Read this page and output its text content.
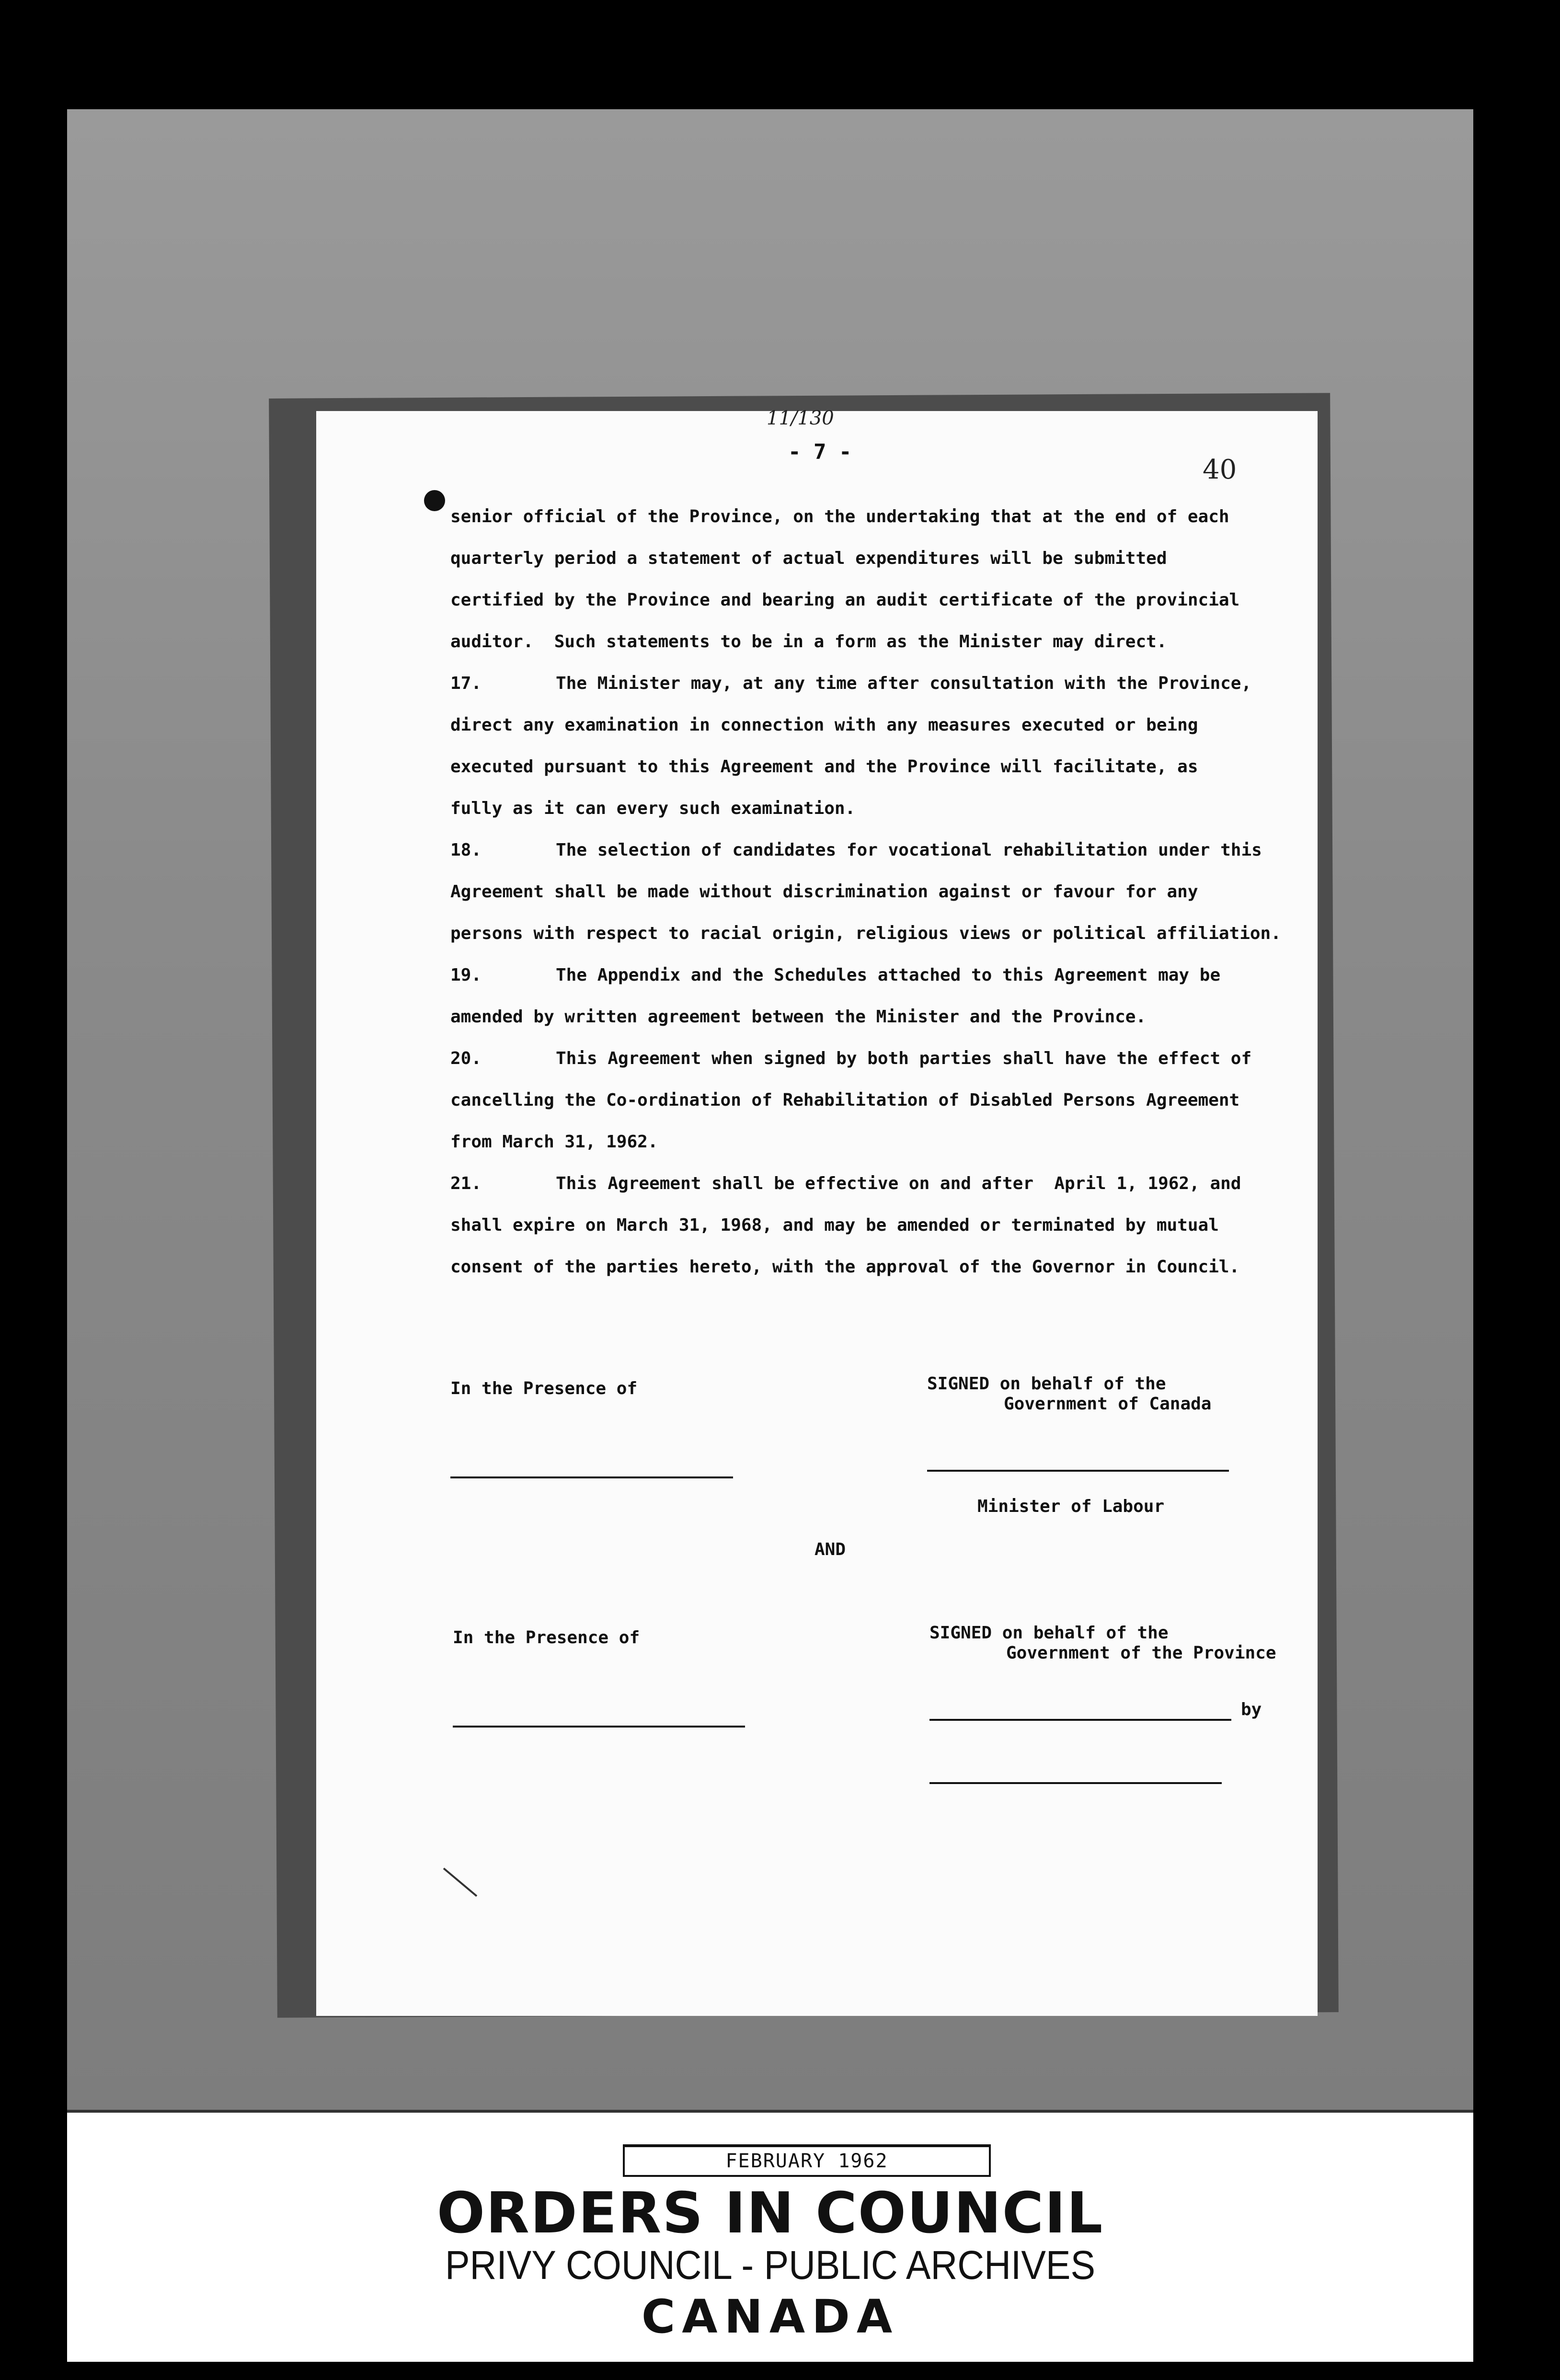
11/130
- 7 -
40
senior official of the Province, on the undertaking that at the end of each
quarterly period a statement of actual expenditures will be submitted
certified by the Province and bearing an audit certificate of the provincial
auditor.  Such statements to be in a form as the Minister may direct.
17.	The Minister may, at any time after consultation with the Province,
direct any examination in connection with any measures executed or being
executed pursuant to this Agreement and the Province will facilitate, as
fully as it can every such examination.
18.	The selection of candidates for vocational rehabilitation under this
Agreement shall be made without discrimination against or favour for any
persons with respect to racial origin, religious views or political affiliation.
19.	The Appendix and the Schedules attached to this Agreement may be
amended by written agreement between the Minister and the Province.
20.	This Agreement when signed by both parties shall have the effect of
cancelling the Co-ordination of Rehabilitation of Disabled Persons Agreement
from March 31, 1962.
21.	This Agreement shall be effective on and after  April 1, 1962, and
shall expire on March 31, 1968, and may be amended or terminated by mutual
consent of the parties hereto, with the approval of the Governor in Council.
In the Presence of	SIGNED on behalf of the
Government of Canada
Minister of Labour
AND
In the Presence of	SIGNED on behalf of the
Government of the Province
by
FEBRUARY 1962
ORDERS IN COUNCIL
PRIVY COUNCIL - PUBLIC ARCHIVES
CANADA
